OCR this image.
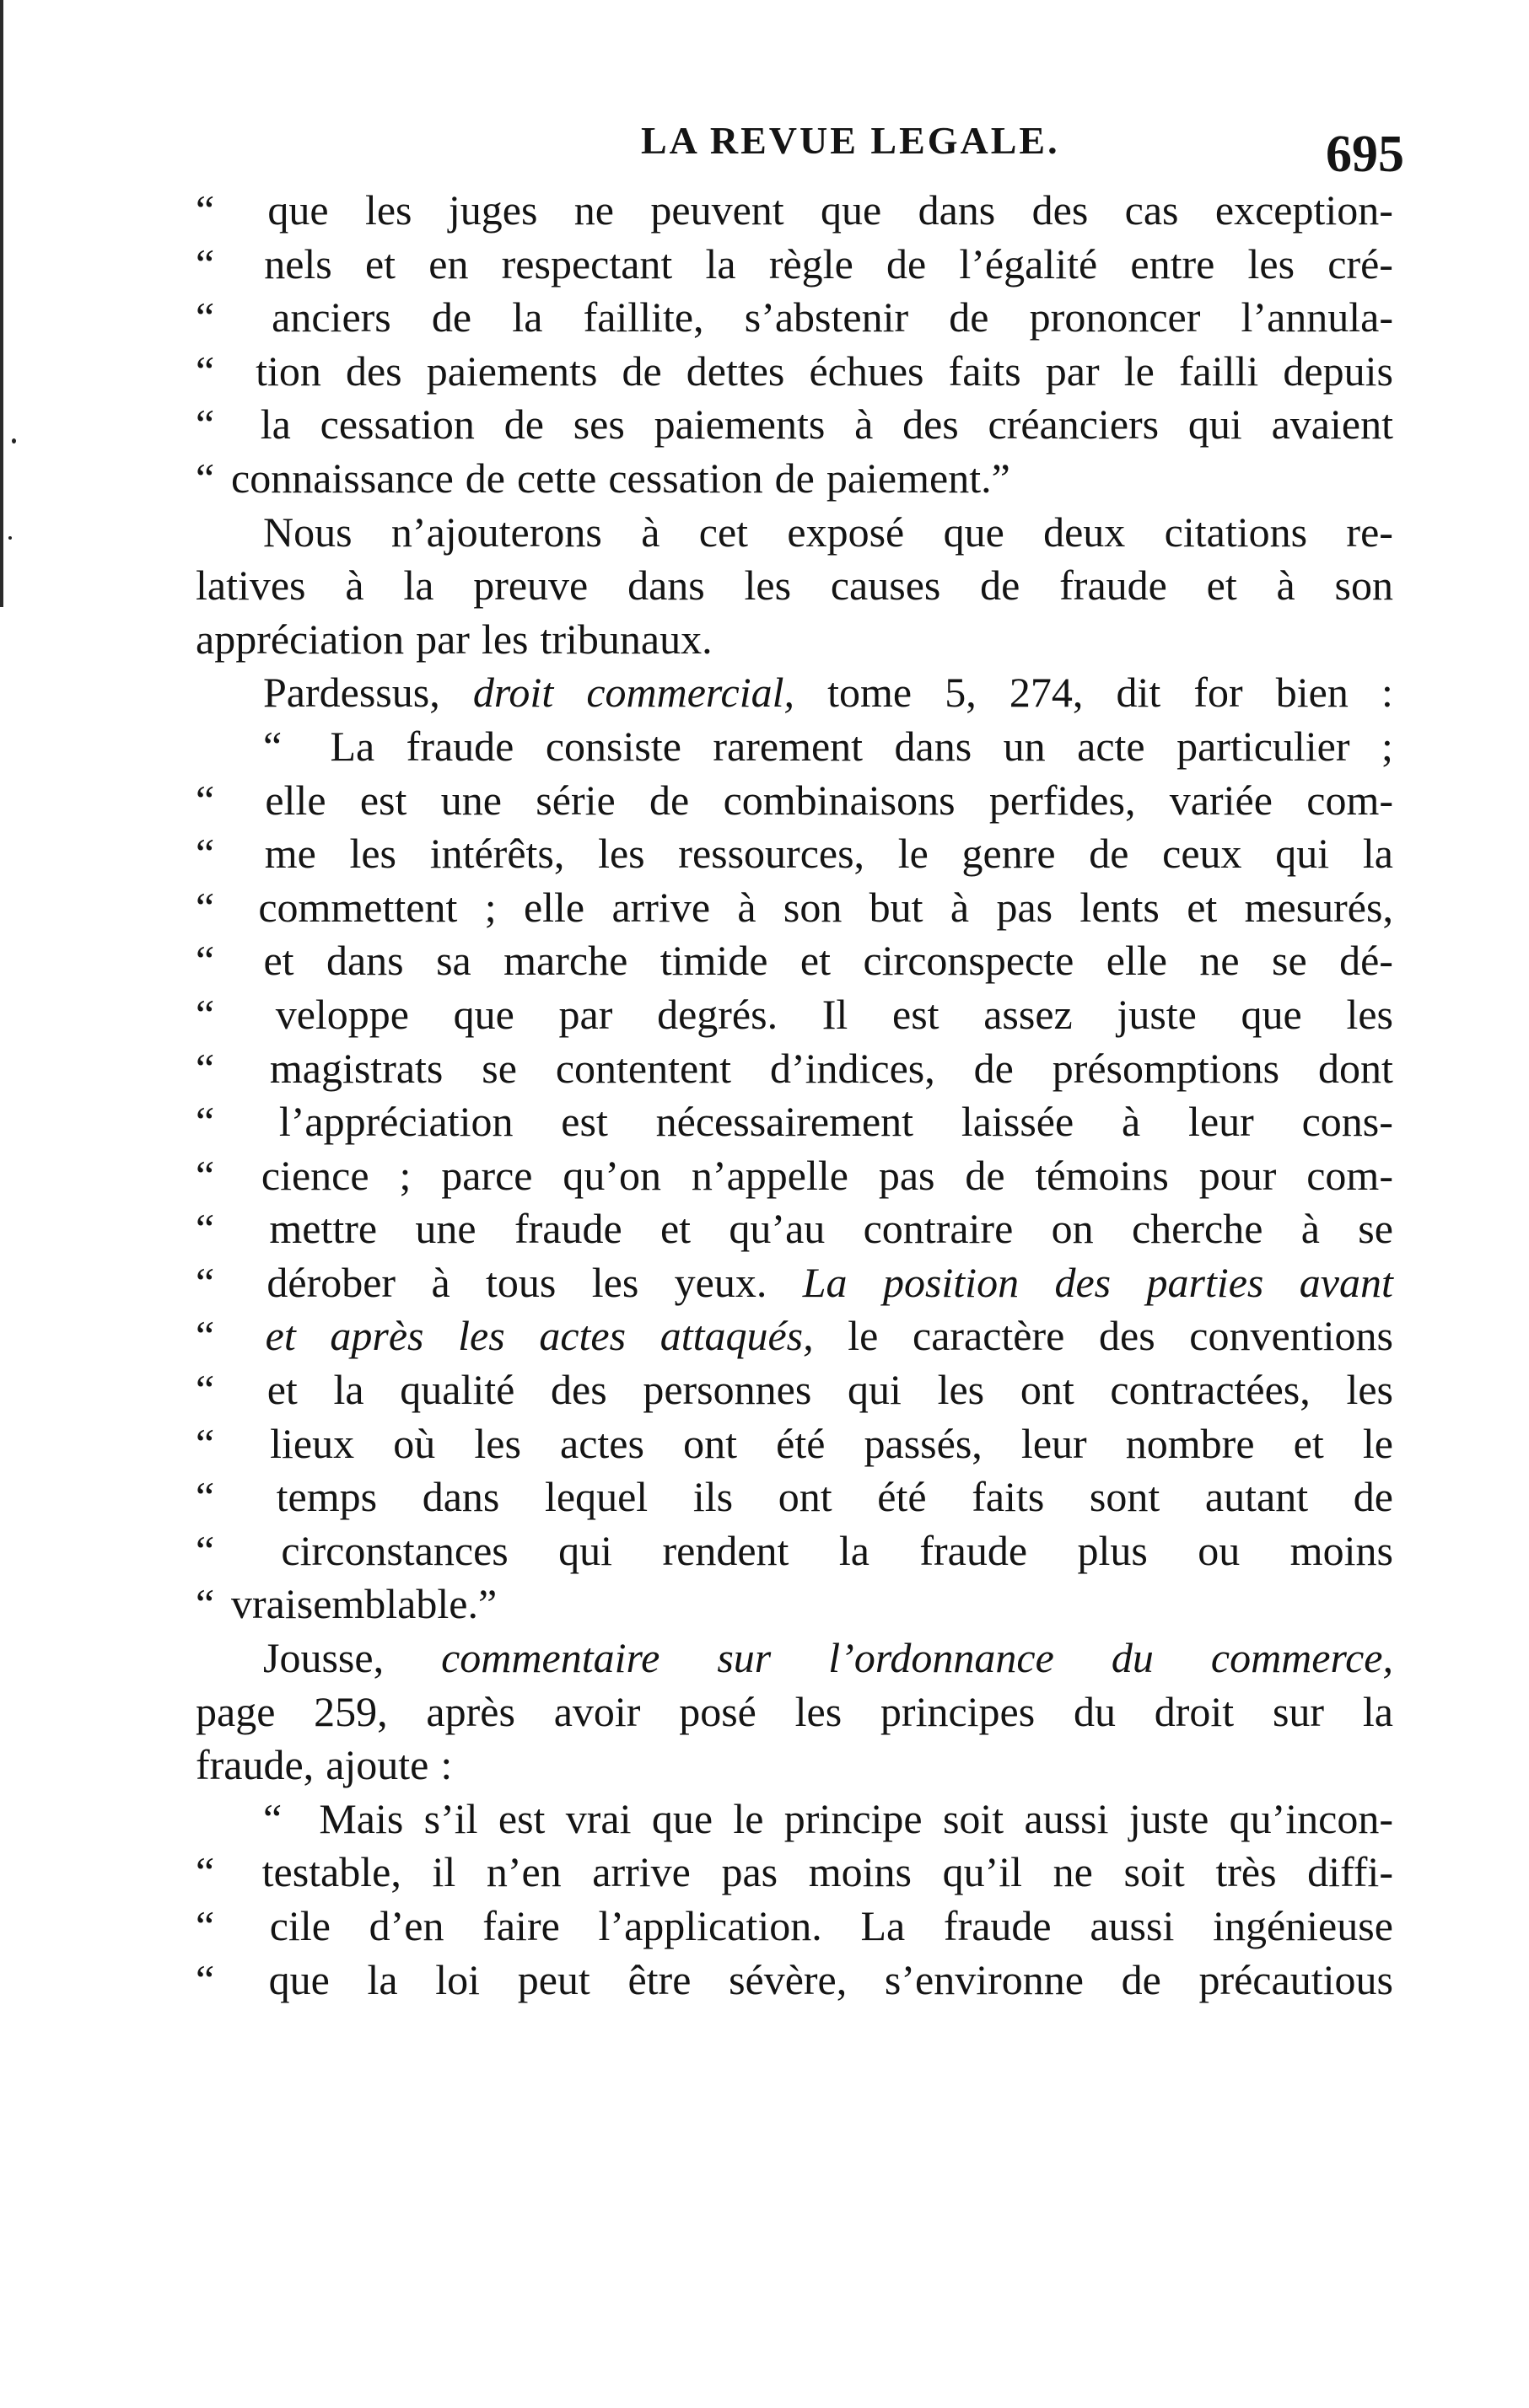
LA REVUE LEGALE.	695
“	que les juges ne peuvent que dans des cas exception-
“	nels et en respectant la règle de l’égalité entre les cré-
“	anciers de la faillite, s’abstenir de prononcer l’annula-
“ tion des paiements de dettes échues faits par le failli depuis
“	la cessation de ses paiements à des créanciers qui avaient
“ connaissance de cette cessation de paiement.”
Nous n’ajouterons à cet exposé que deux citations re-
latives à la preuve dans les causes de fraude et à son
appréciation par les tribunaux.
Pardessus, droit commercial, tome 5, 274, dit for bien :
“	La fraude consiste rarement dans un acte particulier ;
“	elle est une série de combinaisons perfides, variée com-
“	me les intérêts, les ressources, le genre de ceux qui la
“	commettent ; elle arrive à son but à pas lents et mesurés,
“	et dans sa marche timide et circonspecte elle ne se dé-
“	veloppe que par degrés. Il est assez juste que les
“	magistrats se contentent d’indices, de présomptions dont
“	l’appréciation est nécessairement laissée à leur cons-
“	cience ; parce qu’on n’appelle pas de témoins pour com-
“	mettre une fraude et qu’au contraire on cherche à se
“	dérober à tous les yeux. La position des parties avant
“	et après les actes attaqués, le caractère des conventions
“	et la qualité des personnes qui les ont contractées, les
“	lieux où les actes ont été passés, leur nombre et le
“	temps dans lequel ils ont été faits sont autant de
“	circonstances qui rendent la fraude plus ou moins
“ vraisemblable.”
Jousse, commentaire sur l’ordonnance du commerce,
page 259, après avoir posé les principes du droit sur la
fraude, ajoute :
“ Mais s’il est vrai que le principe soit aussi juste qu’incon-
“	testable, il n’en arrive pas moins qu’il ne soit très diffi-
“	cile d’en faire l’application. La fraude aussi ingénieuse
“	que la loi peut être sévère, s’environne de précautious
